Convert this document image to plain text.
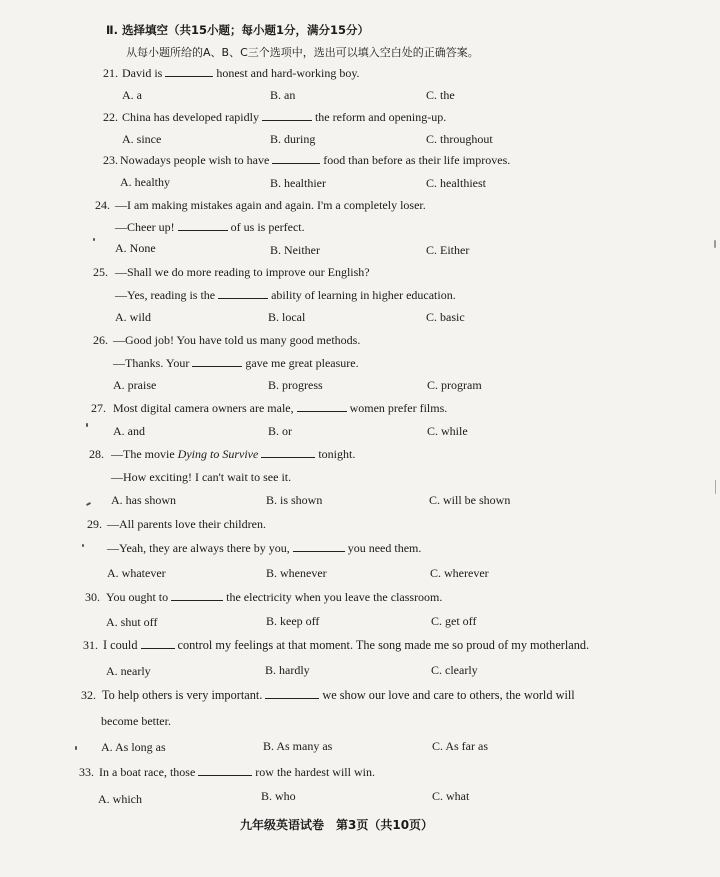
Ⅱ. 选择填空（共15小题；每小题1分，满分15分）
从每小题所给的A、B、C三个选项中，选出可以填入空白处的正确答案。
21. David is	honest and hard-working boy.
A. a	B. an	C. the
22. China has developed rapidly	the reform and opening-up.
A. since	B. during	C. throughout
23. Nowadays people wish to have	food than before as their life improves.
A. healthy	B. healthier	C. healthiest
24. —I am making mistakes again and again. I'm a completely loser.
—Cheer up!	of us is perfect.
A. None	B. Neither	C. Either
25. —Shall we do more reading to improve our English?
—Yes, reading is the	ability of learning in higher education.
A. wild	B. local	C. basic
26. —Good job! You have told us many good methods.
—Thanks. Your	gave me great pleasure.
A. praise	B. progress	C. program
27. Most digital camera owners are male,	women prefer films.
A. and	B. or	C. while
28. —The movie Dying to Survive	tonight.
—How exciting! I can't wait to see it.
A. has shown	B. is shown	C. will be shown
29. —All parents love their children.
—Yeah, they are always there by you,	you need them.
A. whatever	B. whenever	C. wherever
30. You ought to	the electricity when you leave the classroom.
A. shut off	B. keep off	C. get off
31. I could	control my feelings at that moment. The song made me so proud of my motherland.
A. nearly	B. hardly	C. clearly
32. To help others is very important.	we show our love and care to others, the world will
become better.
A. As long as	B. As many as	C. As far as
33. In a boat race, those	row the hardest will win.
A. which	B. who	C. what
九年级英语试卷　第3页（共10页）
